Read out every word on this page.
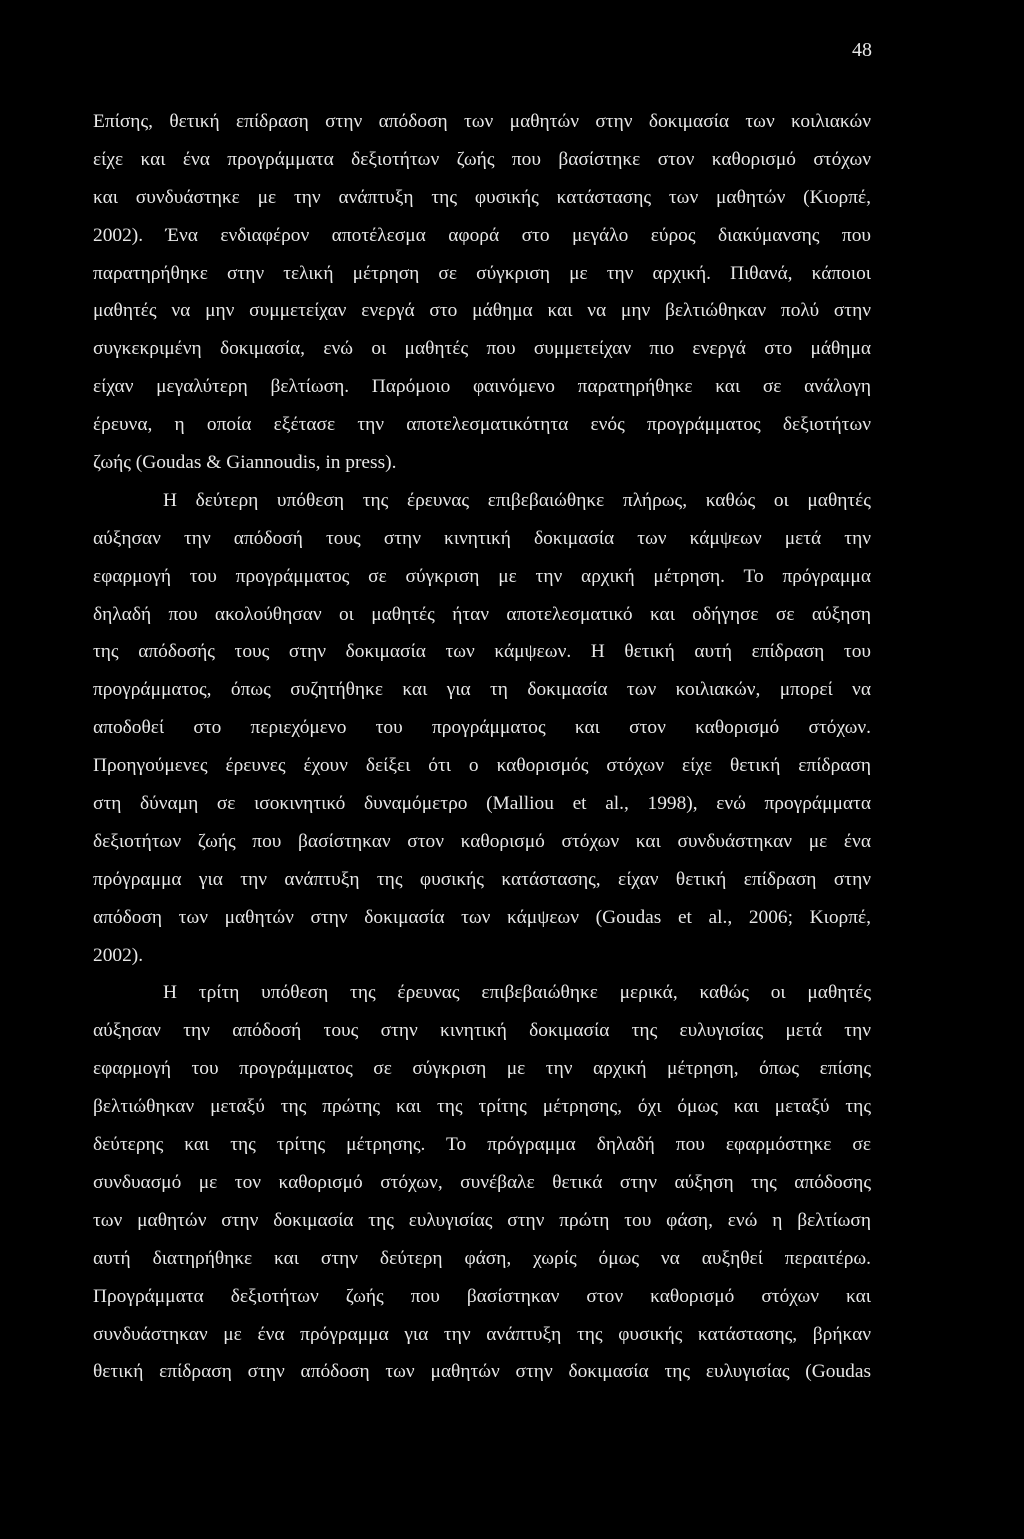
48
Επίσης, θετική επίδραση στην απόδοση των μαθητών στην δοκιμασία των κοιλιακών
είχε και ένα προγράμματα δεξιοτήτων ζωής που βασίστηκε στον καθορισμό στόχων
και συνδυάστηκε με την ανάπτυξη της φυσικής κατάστασης των μαθητών (Κιορπέ,
2002). Ένα ενδιαφέρον αποτέλεσμα αφορά στο μεγάλο εύρος διακύμανσης που
παρατηρήθηκε στην τελική μέτρηση σε σύγκριση με την αρχική. Πιθανά, κάποιοι
μαθητές να μην συμμετείχαν ενεργά στο μάθημα και να μην βελτιώθηκαν πολύ στην
συγκεκριμένη δοκιμασία, ενώ οι μαθητές που συμμετείχαν πιο ενεργά στο μάθημα
είχαν μεγαλύτερη βελτίωση. Παρόμοιο φαινόμενο παρατηρήθηκε και σε ανάλογη
έρευνα, η οποία εξέτασε την αποτελεσματικότητα ενός προγράμματος δεξιοτήτων
ζωής (Goudas & Giannoudis, in press).
Η δεύτερη υπόθεση της έρευνας επιβεβαιώθηκε πλήρως, καθώς οι μαθητές
αύξησαν την απόδοσή τους στην κινητική δοκιμασία των κάμψεων μετά την
εφαρμογή του προγράμματος σε σύγκριση με την αρχική μέτρηση. Το πρόγραμμα
δηλαδή που ακολούθησαν οι μαθητές ήταν αποτελεσματικό και οδήγησε σε αύξηση
της απόδοσής τους στην δοκιμασία των κάμψεων. Η θετική αυτή επίδραση του
προγράμματος, όπως συζητήθηκε και για τη δοκιμασία των κοιλιακών, μπορεί να
αποδοθεί στο περιεχόμενο του προγράμματος και στον καθορισμό στόχων.
Προηγούμενες έρευνες έχουν δείξει ότι ο καθορισμός στόχων είχε θετική επίδραση
στη δύναμη σε ισοκινητικό δυναμόμετρο (Malliou et al., 1998), ενώ προγράμματα
δεξιοτήτων ζωής που βασίστηκαν στον καθορισμό στόχων και συνδυάστηκαν με ένα
πρόγραμμα για την ανάπτυξη της φυσικής κατάστασης, είχαν θετική επίδραση στην
απόδοση των μαθητών στην δοκιμασία των κάμψεων (Goudas et al., 2006; Κιορπέ,
2002).
Η τρίτη υπόθεση της έρευνας επιβεβαιώθηκε μερικά, καθώς οι μαθητές
αύξησαν την απόδοσή τους στην κινητική δοκιμασία της ευλυγισίας μετά την
εφαρμογή του προγράμματος σε σύγκριση με την αρχική μέτρηση, όπως επίσης
βελτιώθηκαν μεταξύ της πρώτης και της τρίτης μέτρησης, όχι όμως και μεταξύ της
δεύτερης και της τρίτης μέτρησης. Το πρόγραμμα δηλαδή που εφαρμόστηκε σε
συνδυασμό με τον καθορισμό στόχων, συνέβαλε θετικά στην αύξηση της απόδοσης
των μαθητών στην δοκιμασία της ευλυγισίας στην πρώτη του φάση, ενώ η βελτίωση
αυτή διατηρήθηκε και στην δεύτερη φάση, χωρίς όμως να αυξηθεί περαιτέρω.
Προγράμματα δεξιοτήτων ζωής που βασίστηκαν στον καθορισμό στόχων και
συνδυάστηκαν με ένα πρόγραμμα για την ανάπτυξη της φυσικής κατάστασης, βρήκαν
θετική επίδραση στην απόδοση των μαθητών στην δοκιμασία της ευλυγισίας (Goudas
